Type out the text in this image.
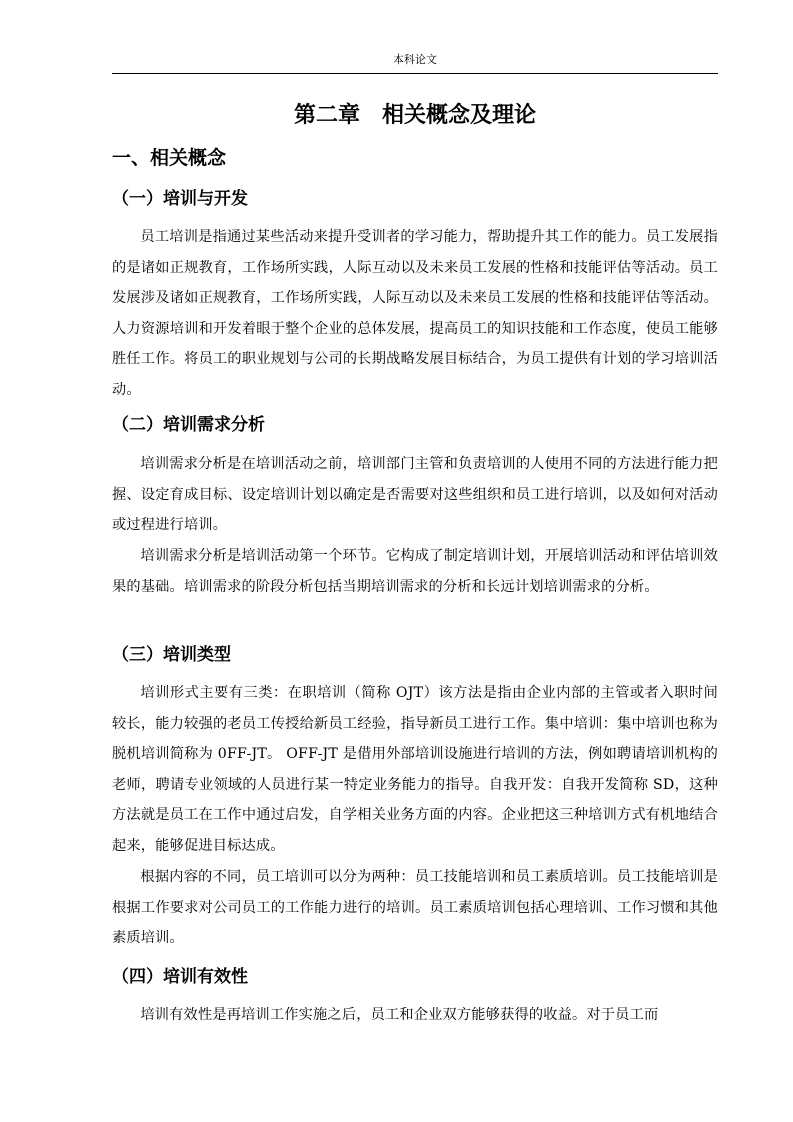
本科论文
第二章　相关概念及理论
一、相关概念
（一）培训与开发

员工培训是指通过某些活动来提升受训者的学习能力，帮助提升其工作的能力。员工发展指的是诸如正规教育，工作场所实践，人际互动以及未来员工发展的性格和技能评估等活动。员工发展涉及诸如正规教育，工作场所实践，人际互动以及未来员工发展的性格和技能评估等活动。人力资源培训和开发着眼于整个企业的总体发展，提高员工的知识技能和工作态度，使员工能够胜任工作。将员工的职业规划与公司的长期战略发展目标结合，为员工提供有计划的学习培训活动。

（二）培训需求分析

培训需求分析是在培训活动之前，培训部门主管和负责培训的人使用不同的方法进行能力把握、设定育成目标、设定培训计划以确定是否需要对这些组织和员工进行培训，以及如何对活动或过程进行培训。

培训需求分析是培训活动第一个环节。它构成了制定培训计划，开展培训活动和评估培训效果的基础。培训需求的阶段分析包括当期培训需求的分析和长远计划培训需求的分析。

（三）培训类型

培训形式主要有三类：在职培训（简称 OJT）该方法是指由企业内部的主管或者入职时间较长，能力较强的老员工传授给新员工经验，指导新员工进行工作。集中培训：集中培训也称为脱机培训简称为 0FF-JT。 OFF-JT 是借用外部培训设施进行培训的方法，例如聘请培训机构的老师，聘请专业领域的人员进行某一特定业务能力的指导。自我开发：自我开发简称 SD，这种方法就是员工在工作中通过启发，自学相关业务方面的内容。企业把这三种培训方式有机地结合起来，能够促进目标达成。

根据内容的不同，员工培训可以分为两种：员工技能培训和员工素质培训。员工技能培训是根据工作要求对公司员工的工作能力进行的培训。员工素质培训包括心理培训、工作习惯和其他素质培训。

（四）培训有效性

培训有效性是再培训工作实施之后，员工和企业双方能够获得的收益。对于员工而
